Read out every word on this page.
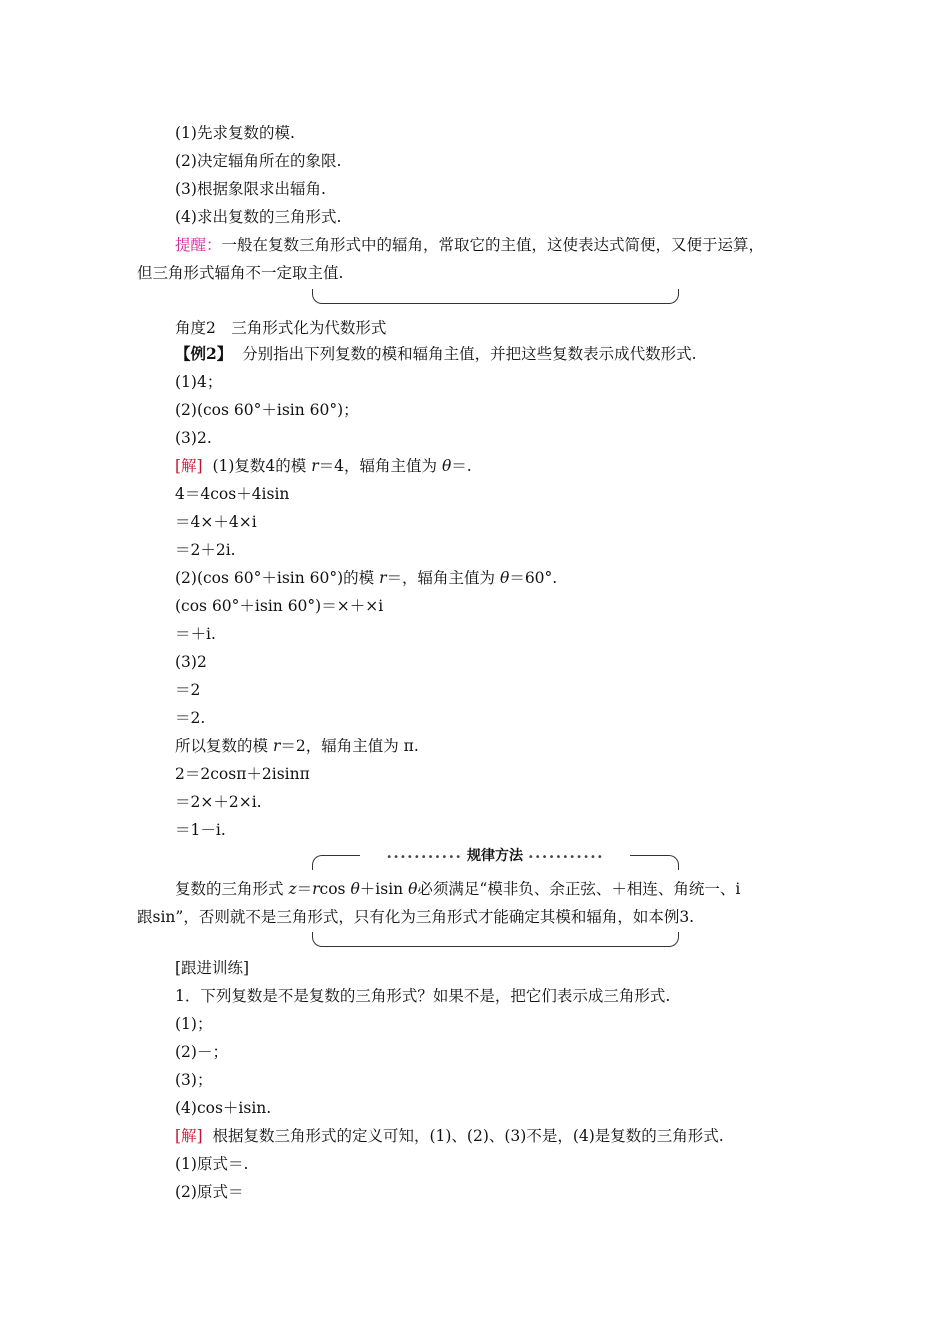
(1)先求复数的模.
(2)决定辐角所在的象限.
(3)根据象限求出辐角.
(4)求出复数的三角形式.
提醒：一般在复数三角形式中的辐角，常取它的主值，这使表达式简便，又便于运算，
但三角形式辐角不一定取主值.
角度2　三角形式化为代数形式
【例2】 分别指出下列复数的模和辐角主值，并把这些复数表示成代数形式.
(1)4；
(2)(cos 60°＋isin 60°)；
(3)2.
[解] (1)复数4的模 r＝4，辐角主值为 θ＝.
4＝4cos＋4isin
＝4×＋4×i
＝2＋2i.
(2)(cos 60°＋isin 60°)的模 r＝，辐角主值为 θ＝60°.
(cos 60°＋isin 60°)＝×＋×i
＝＋i.
(3)2
＝2
＝2.
所以复数的模 r＝2，辐角主值为 π.
2＝2cosπ＋2isinπ
＝2×＋2×i.
＝1－i.
••••••••••• 规律方法 •••••••••••
复数的三角形式 z＝rcos θ＋isin θ必须满足“模非负、余正弦、＋相连、角统一、i
跟sin”，否则就不是三角形式，只有化为三角形式才能确定其模和辐角，如本例3.
[跟进训练]
1．下列复数是不是复数的三角形式？如果不是，把它们表示成三角形式.
(1)；
(2)－；
(3)；
(4)cos＋isin.
[解] 根据复数三角形式的定义可知，(1)、(2)、(3)不是，(4)是复数的三角形式.
(1)原式＝.
(2)原式＝
